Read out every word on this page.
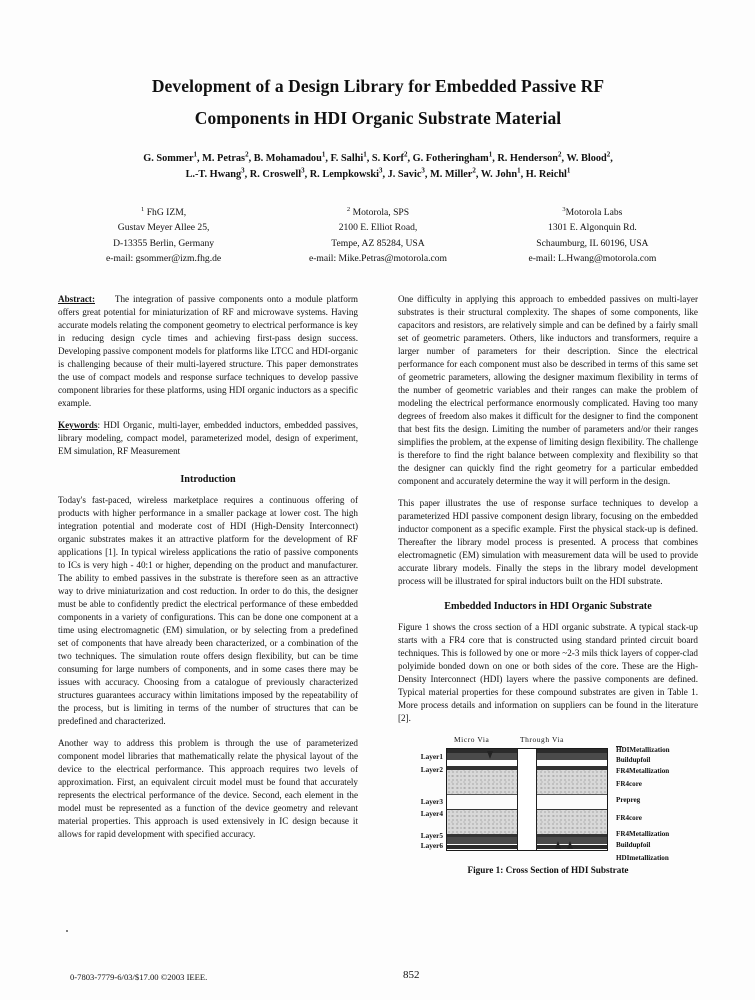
Development of a Design Library for Embedded Passive RF
Components in HDI Organic Substrate Material
G. Sommer$^1$, M. Petras$^2$, B. Mohamadou$^1$, F. Salhi$^1$, S. Korf$^2$, G. Fotheringham$^1$, R. Henderson$^2$, W. Blood$^2$,
L.-T. Hwang$^3$, R. Croswell$^3$, R. Lempkowski$^3$, J. Savic$^3$, M. Miller$^2$, W. John$^1$, H. Reichl$^1$
$^1$ FhG IZM,
Gustav Meyer Allee 25,
D-13355 Berlin, Germany
e-mail: gsommer@izm.fhg.de
$^2$ Motorola, SPS
2100 E. Elliot Road,
Tempe, AZ 85284, USA
e-mail: Mike.Petras@motorola.com
$^3$Motorola Labs
1301 E. Algonquin Rd.
Schaumburg, IL 60196, USA
e-mail: L.Hwang@motorola.com

Abstract: The integration of passive components onto a module platform offers great potential for miniaturization of RF and microwave systems. Having accurate models relating the component geometry to electrical performance is key in reducing design cycle times and achieving first-pass design success. Developing passive component models for platforms like LTCC and HDI-organic is challenging because of their multi-layered structure. This paper demonstrates the use of compact models and response surface techniques to develop passive component libraries for these platforms, using HDI organic inductors as a specific example.

Keywords: HDI Organic, multi-layer, embedded inductors, embedded passives, library modeling, compact model, parameterized model, design of experiment, EM simulation, RF Measurement

Introduction

Today's fast-paced, wireless marketplace requires a continuous offering of products with higher performance in a smaller package at lower cost. The high integration potential and moderate cost of HDI (High-Density Interconnect) organic substrates makes it an attractive platform for the development of RF applications [1]. In typical wireless applications the ratio of passive components to ICs is very high - 40:1 or higher, depending on the product and manufacturer. The ability to embed passives in the substrate is therefore seen as an attractive way to drive miniaturization and cost reduction. In order to do this, the designer must be able to confidently predict the electrical performance of these embedded components in a variety of configurations. This can be done one component at a time using electromagnetic (EM) simulation, or by selecting from a predefined set of components that have already been characterized, or a combination of the two techniques. The simulation route offers design flexibility, but can be time consuming for large numbers of components, and in some cases there may be issues with accuracy. Choosing from a catalogue of previously characterized structures guarantees accuracy within limitations imposed by the repeatability of the process, but is limiting in terms of the number of structures that can be predefined and characterized.

Another way to address this problem is through the use of parameterized component model libraries that mathematically relate the physical layout of the device to the electrical performance. This approach requires two levels of approximation. First, an equivalent circuit model must be found that accurately represents the electrical performance of the device. Second, each element in the model must be represented as a function of the device geometry and relevant material properties. This approach is used extensively in IC design because it allows for rapid development with specified accuracy.

One difficulty in applying this approach to embedded passives on multi-layer substrates is their structural complexity. The shapes of some components, like capacitors and resistors, are relatively simple and can be defined by a fairly small set of geometric parameters. Others, like inductors and transformers, require a larger number of parameters for their description. Since the electrical performance for each component must also be described in terms of this same set of geometric parameters, allowing the designer maximum flexibility in terms of the number of geometric variables and their ranges can make the problem of modeling the electrical performance enormously complicated. Having too many degrees of freedom also makes it difficult for the designer to find the component that best fits the design. Limiting the number of parameters and/or their ranges simplifies the problem, at the expense of limiting design flexibility. The challenge is therefore to find the right balance between complexity and flexibility so that the designer can quickly find the right geometry for a particular embedded component and accurately determine the way it will perform in the design.

This paper illustrates the use of response surface techniques to develop a parameterized HDI passive component design library, focusing on the embedded inductor component as a specific example. First the physical stack-up is defined. Thereafter the library model process is presented. A process that combines electromagnetic (EM) simulation with measurement data will be used to provide accurate library models. Finally the steps in the library model development process will be illustrated for spiral inductors built on the HDI substrate.

Embedded Inductors in HDI Organic Substrate

Figure 1 shows the cross section of a HDI organic substrate. A typical stack-up starts with a FR4 core that is constructed using standard printed circuit board techniques. This is followed by one or more ~2-3 mils thick layers of copper-clad polyimide bonded down on one or both sides of the core. These are the High-Density Interconnect (HDI) layers where the passive components are defined. Typical material properties for these compound substrates are given in Table 1. More process details and information on suppliers can be found in the literature [2].

Micro Via	Through Via
Layer1
Layer2
Layer3
Layer4
Layer5
Layer6
HDIMetallization
Buildupfoil
FR4Metallization
FR4core
Prepreg
FR4core
FR4Metallization
Buildupfoil
HDImetallization
Figure 1: Cross Section of HDI Substrate
0-7803-7779-6/03/$17.00 ©2003 IEEE.	852
